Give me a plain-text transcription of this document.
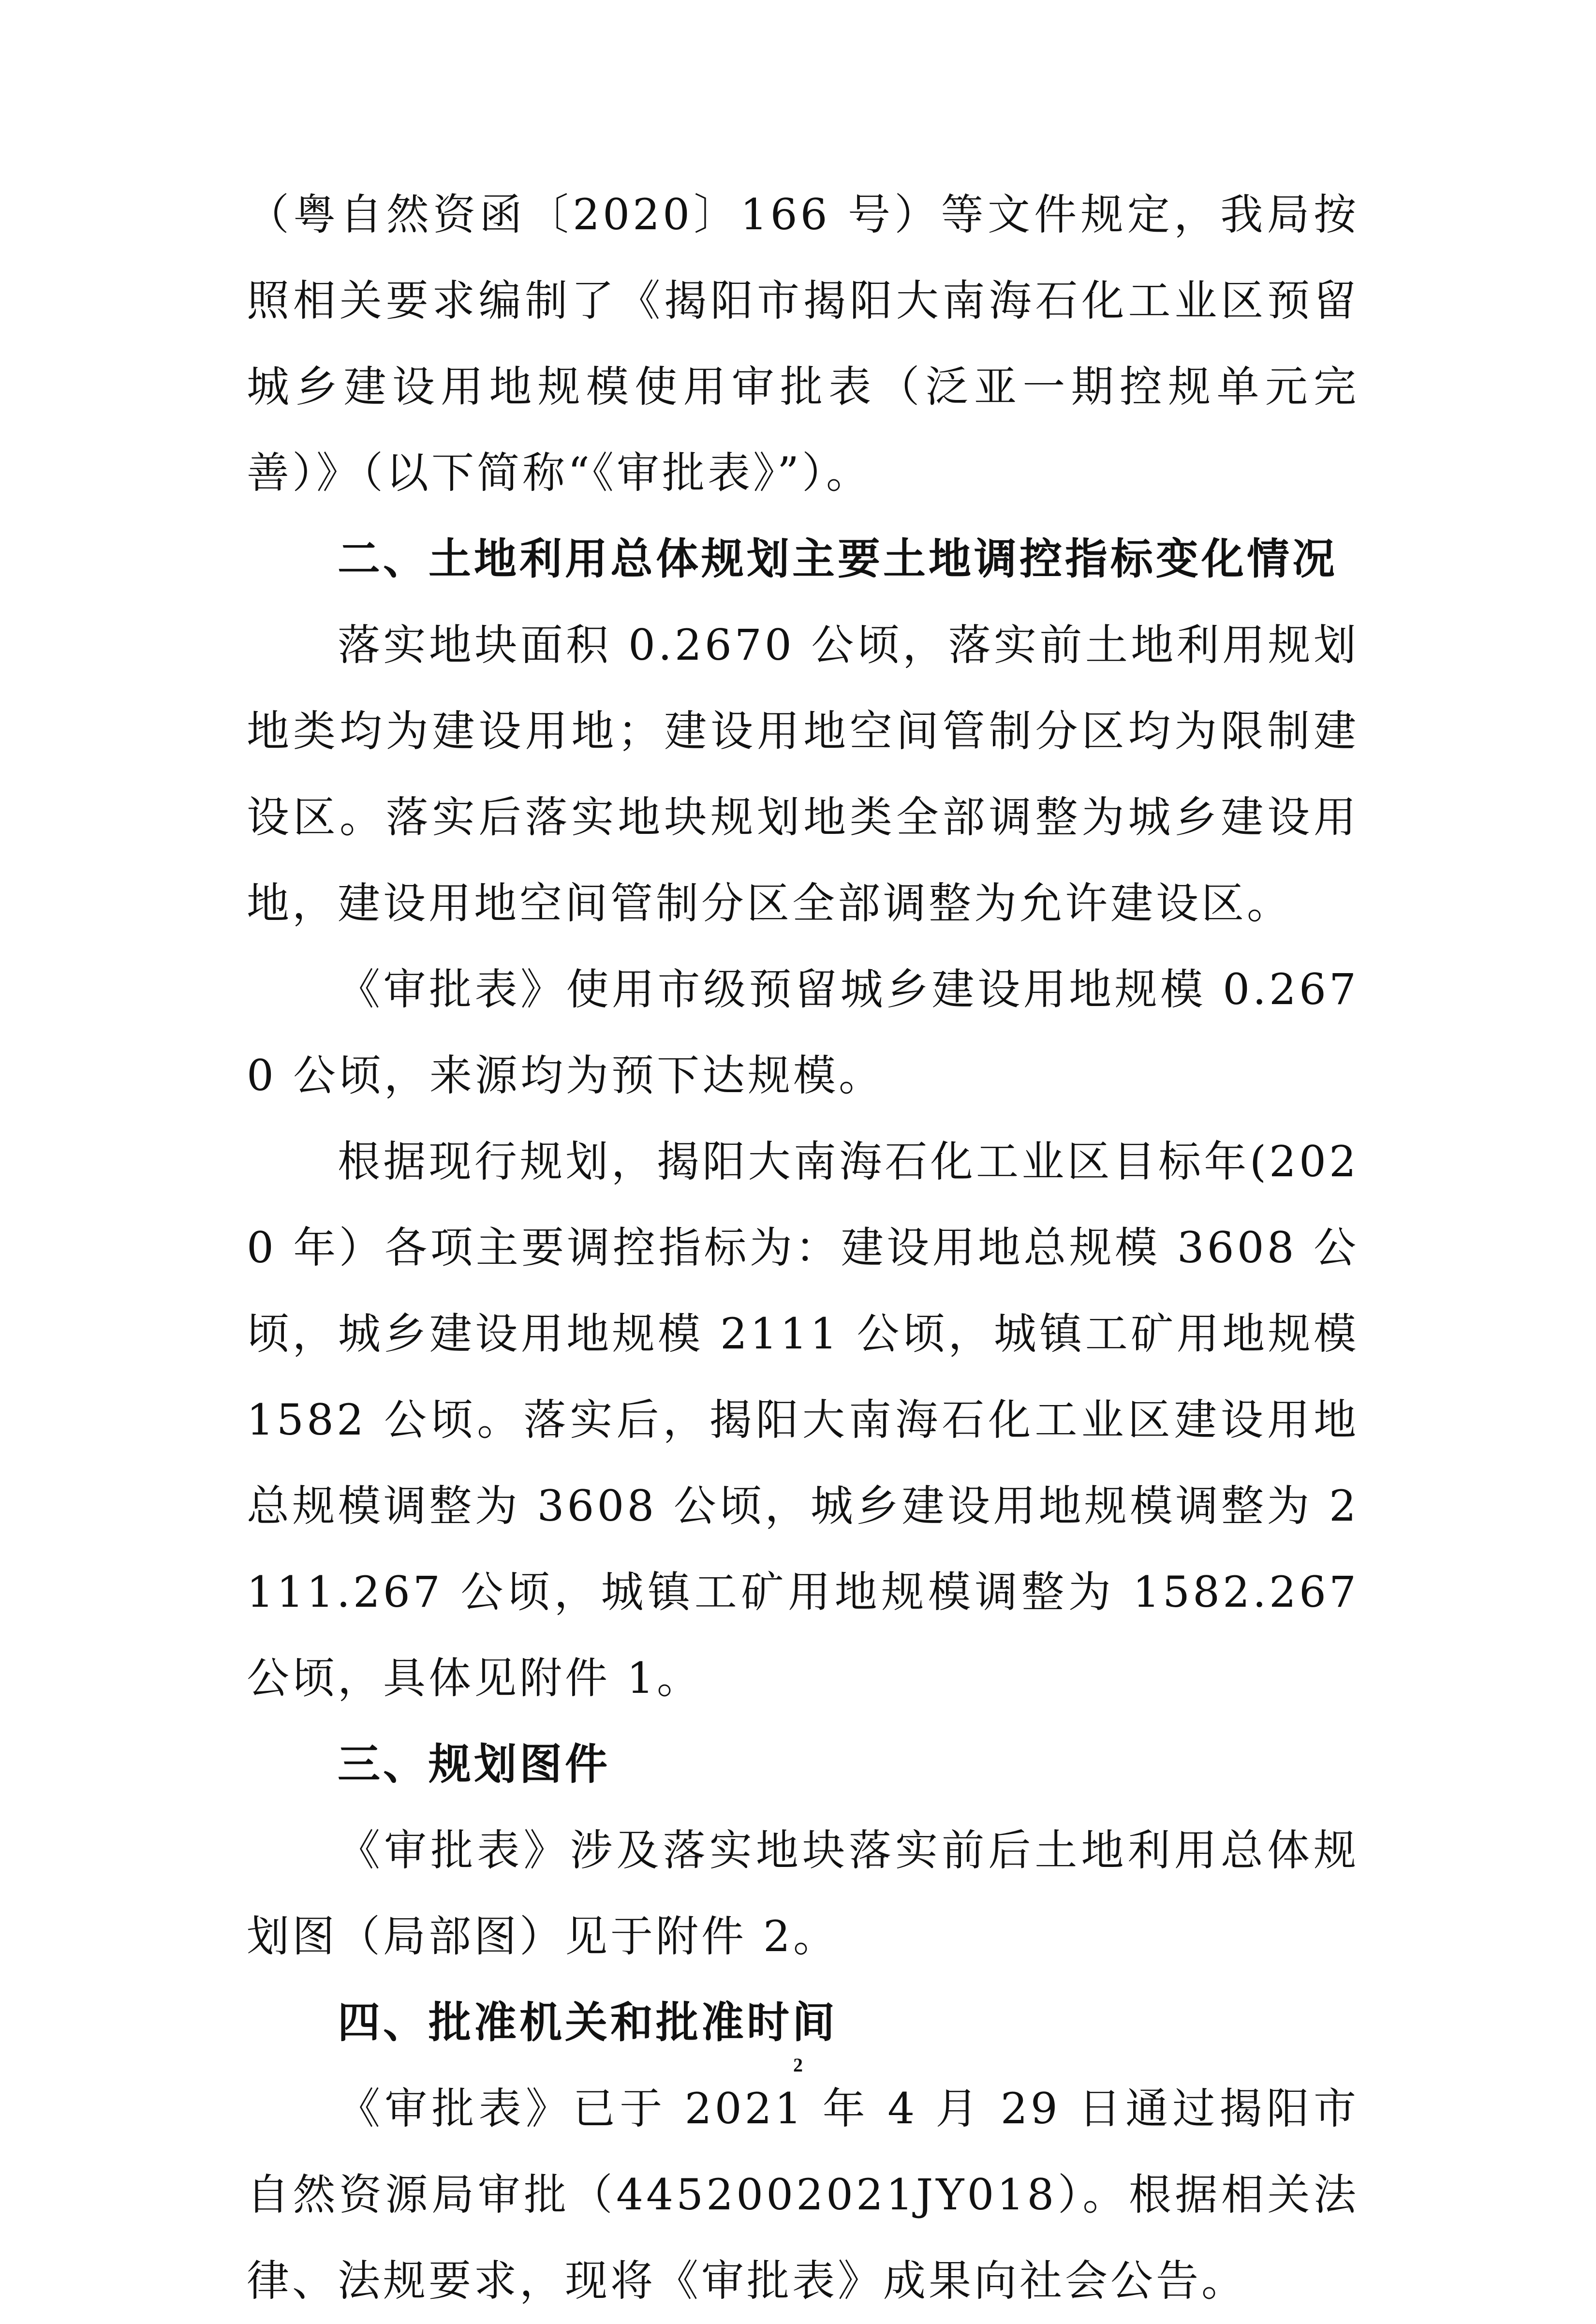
（粤自然资函〔2020〕166 号）等文件规定，我局按照相关要求编制了《揭阳市揭阳大南海石化工业区预留城乡建设用地规模使用审批表（泛亚一期控规单元完善）》（以下简称“《审批表》”）。

二、土地利用总体规划主要土地调控指标变化情况

落实地块面积 0.2670 公顷，落实前土地利用规划地类均为建设用地；建设用地空间管制分区均为限制建设区。落实后落实地块规划地类全部调整为城乡建设用地，建设用地空间管制分区全部调整为允许建设区。

《审批表》使用市级预留城乡建设用地规模 0.2670 公顷，来源均为预下达规模。

根据现行规划，揭阳大南海石化工业区目标年(2020 年）各项主要调控指标为：建设用地总规模 3608 公顷，城乡建设用地规模 2111 公顷，城镇工矿用地规模 1582 公顷。落实后，揭阳大南海石化工业区建设用地总规模调整为 3608 公顷，城乡建设用地规模调整为 2111.267 公顷，城镇工矿用地规模调整为 1582.267 公顷，具体见附件 1。

三、规划图件

《审批表》涉及落实地块落实前后土地利用总体规划图（局部图）见于附件 2。

四、批准机关和批准时间

《审批表》已于 2021 年 4 月 29 日通过揭阳市自然资源局审批（4452002021JY018）。根据相关法律、法规要求，现将《审批表》成果向社会公告。

2
